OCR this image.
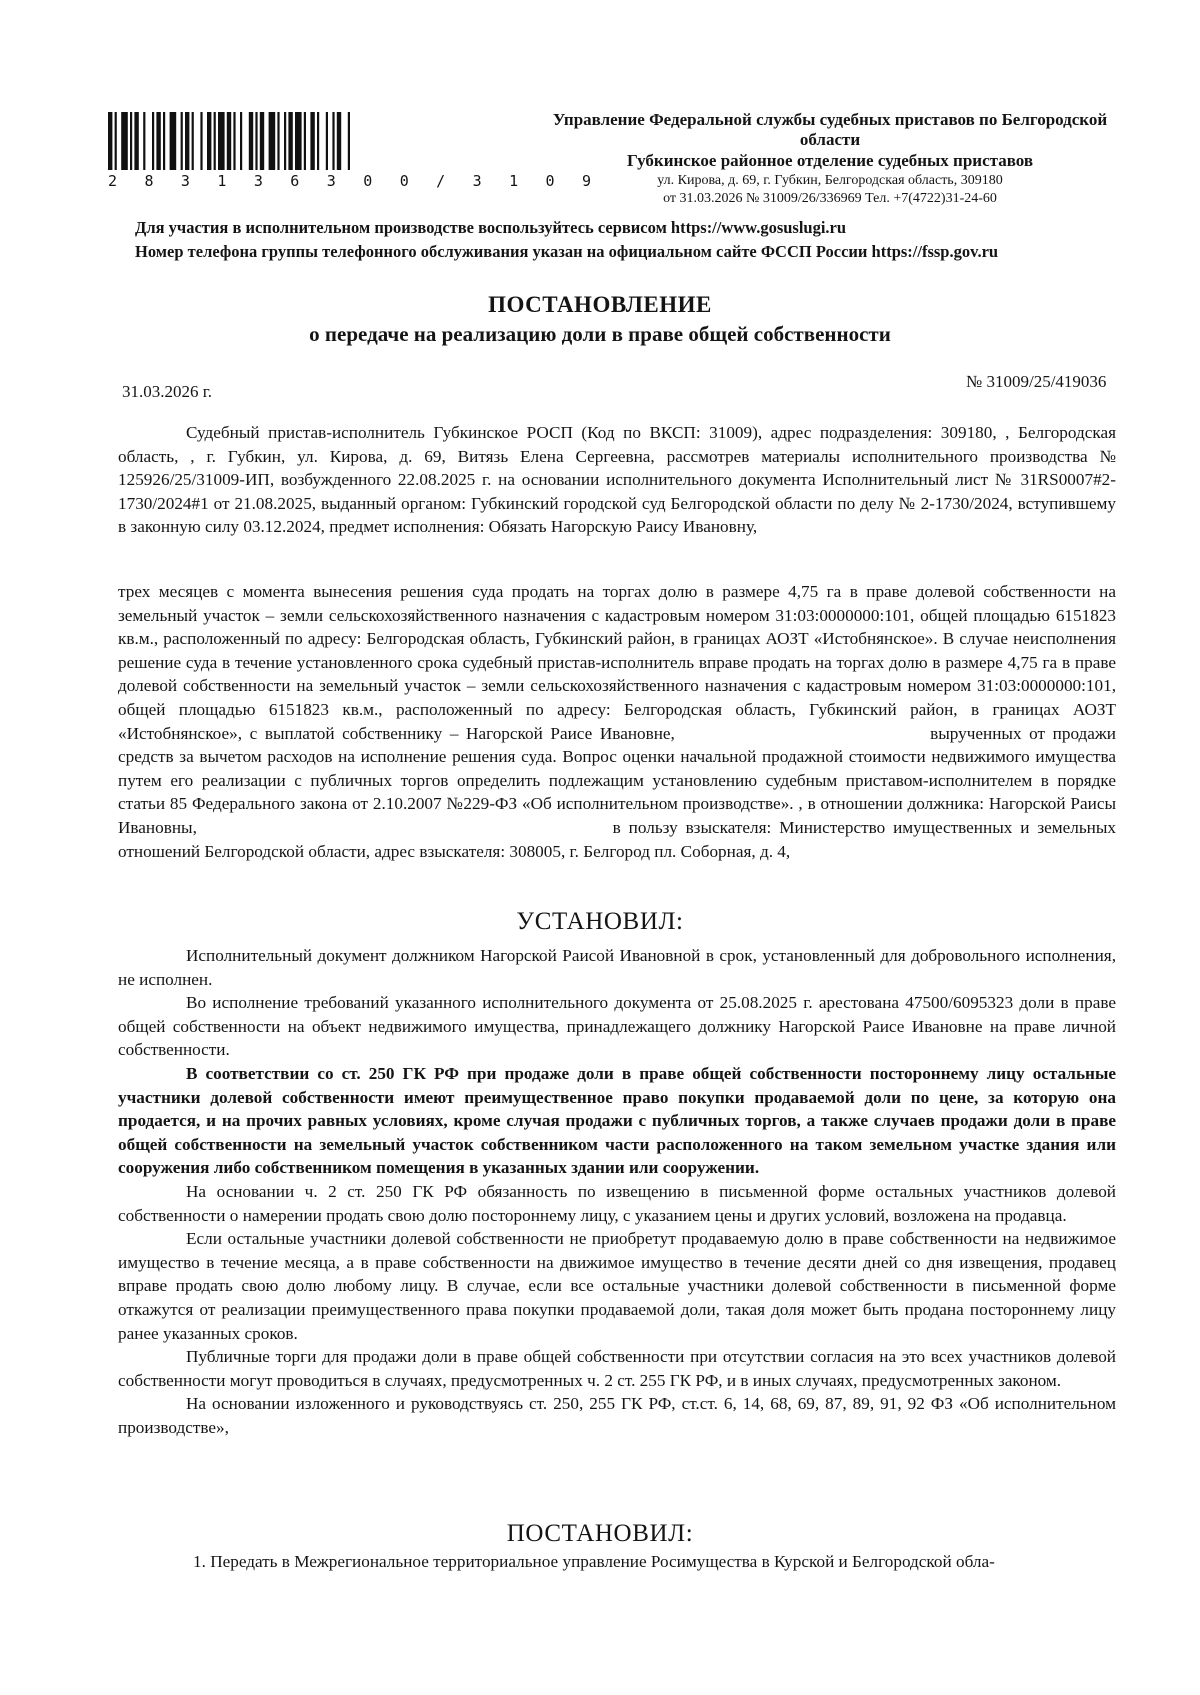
2 8 3 1 3 6 3 0 0 / 3 1 0 9
Управление Федеральной службы судебных приставов по Белгородской
области
Губкинское районное отделение судебных приставов
ул. Кирова, д. 69, г. Губкин, Белгородская область, 309180
от 31.03.2026 № 31009/26/336969 Тел. +7(4722)31-24-60
Для участия в исполнительном производстве воспользуйтесь сервисом https://www.gosuslugi.ru
Номер телефона группы телефонного обслуживания указан на официальном сайте ФССП России https://fssp.gov.ru
ПОСТАНОВЛЕНИЕ
о передаче на реализацию доли в праве общей собственности
31.03.2026 г.
№ 31009/25/419036

Судебный пристав-исполнитель Губкинское РОСП (Код по ВКСП: 31009), адрес подразделения: 309180, , Белгородская область, , г. Губкин, ул. Кирова, д. 69, Витязь Елена Сергеевна, рассмотрев материалы исполнительного производства № 125926/25/31009-ИП, возбужденного 22.08.2025 г. на основании исполнительного документа Исполнительный лист № 31RS0007#2-1730/2024#1 от 21.08.2025, выданный органом: Губкинский городской суд Белгородской области по делу № 2-1730/2024, вступившему в законную силу 03.12.2024, предмет исполнения: Обязать Нагорскую Раису Ивановну,

трех месяцев с момента вынесения решения суда продать на торгах долю в размере 4,75 га в праве долевой собственности на земельный участок – земли сельскохозяйственного назначения с кадастровым номером 31:03:0000000:101, общей площадью 6151823 кв.м., расположенный по адресу: Белгородская область, Губкинский район, в границах АОЗТ «Истобнянское». В случае неисполнения решение суда в течение установленного срока судебный пристав-исполнитель вправе продать на торгах долю в размере 4,75 га в праве долевой собственности на земельный участок – земли сельскохозяйственного назначения с кадастровым номером 31:03:0000000:101, общей площадью 6151823 кв.м., расположенный по адресу: Белгородская область, Губкинский район, в границах АОЗТ «Истобнянское», с выплатой собственнику – Нагорской Раисе Ивановне,	вырученных от продажи средств за вычетом расходов на исполнение решения суда. Вопрос оценки начальной продажной стоимости недвижимого имущества путем его реализации с публичных торгов определить подлежащим установлению судебным приставом-исполнителем в порядке статьи 85 Федерального закона от 2.10.2007 №229-ФЗ «Об исполнительном производстве». , в отношении должника: Нагорской Раисы Ивановны,	в пользу взыскателя: Министерство имущественных и земельных отношений Белгородской области, адрес взыскателя: 308005, г. Белгород пл. Соборная, д. 4,

УСТАНОВИЛ:

Исполнительный документ должником Нагорской Раисой Ивановной в срок, установленный для добровольного исполнения, не исполнен.

Во исполнение требований указанного исполнительного документа от 25.08.2025 г. арестована 47500/6095323 доли в праве общей собственности на объект недвижимого имущества, принадлежащего должнику Нагорской Раисе Ивановне на праве личной собственности.

В соответствии со ст. 250 ГК РФ при продаже доли в праве общей собственности постороннему лицу остальные участники долевой собственности имеют преимущественное право покупки продаваемой доли по цене, за которую она продается, и на прочих равных условиях, кроме случая продажи с публичных торгов, а также случаев продажи доли в праве общей собственности на земельный участок собственником части расположенного на таком земельном участке здания или сооружения либо собственником помещения в указанных здании или сооружении.

На основании ч. 2 ст. 250 ГК РФ обязанность по извещению в письменной форме остальных участников долевой собственности о намерении продать свою долю постороннему лицу, с указанием цены и других условий, возложена на продавца.

Если остальные участники долевой собственности не приобретут продаваемую долю в праве собственности на недвижимое имущество в течение месяца, а в праве собственности на движимое имущество в течение десяти дней со дня извещения, продавец вправе продать свою долю любому лицу. В случае, если все остальные участники долевой собственности в письменной форме откажутся от реализации преимущественного права покупки продаваемой доли, такая доля может быть продана постороннему лицу ранее указанных сроков.

Публичные торги для продажи доли в праве общей собственности при отсутствии согласия на это всех участников долевой собственности могут проводиться в случаях, предусмотренных ч. 2 ст. 255 ГК РФ, и в иных случаях, предусмотренных законом.

На основании изложенного и руководствуясь ст. 250, 255 ГК РФ, ст.ст. 6, 14, 68, 69, 87, 89, 91, 92 ФЗ «Об исполнительном производстве»,

ПОСТАНОВИЛ:
1. Передать в Межрегиональное территориальное управление Росимущества в Курской и Белгородской обла-
